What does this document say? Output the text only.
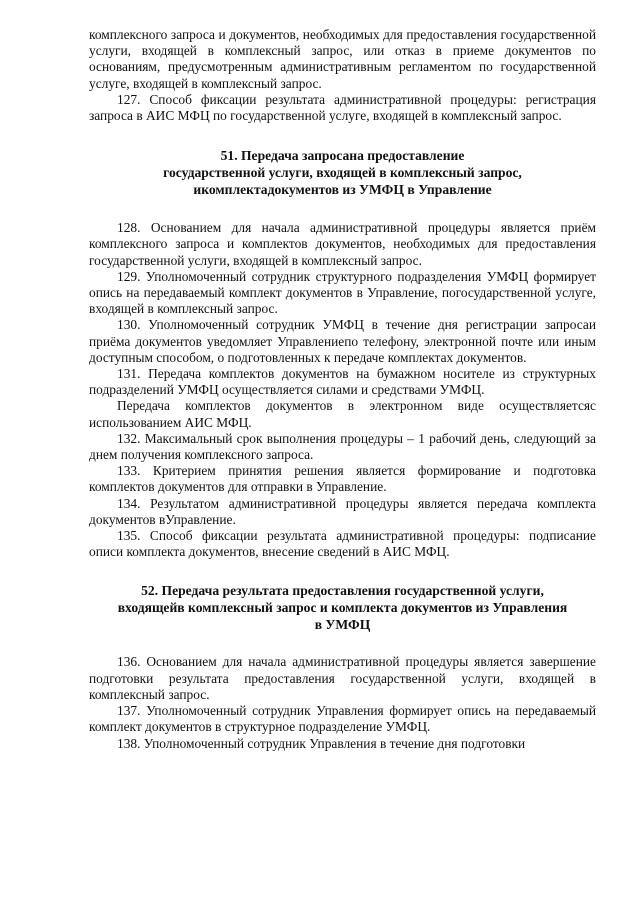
комплексного запроса и документов, необходимых для предоставления государственной услуги, входящей в комплексный запрос, или отказ в приеме документов по основаниям, предусмотренным административным регламентом по государственной услуге, входящей в комплексный запрос.

127. Способ фиксации результата административной процедуры: регистрация запроса в АИС МФЦ по государственной услуге, входящей в комплексный запрос.

51. Передача запросана предоставление
государственной услуги, входящей в комплексный запрос,
икомплектадокументов из УМФЦ в Управление

128. Основанием для начала административной процедуры является приём комплексного запроса и комплектов документов, необходимых для предоставления государственной услуги, входящей в комплексный запрос.

129. Уполномоченный сотрудник структурного подразделения УМФЦ формирует опись на передаваемый комплект документов в Управление, погосударственной услуге, входящей в комплексный запрос.

130. Уполномоченный сотрудник УМФЦ в течение дня регистрации запросаи приёма документов уведомляет Управлениепо телефону, электронной почте или иным доступным способом, о подготовленных к передаче комплектах документов.

131. Передача комплектов документов на бумажном носителе из структурных подразделений УМФЦ осуществляется силами и средствами УМФЦ.

Передача комплектов документов в электронном виде осуществляетсяс использованием АИС МФЦ.

132. Максимальный срок выполнения процедуры – 1 рабочий день, следующий за днем получения комплексного запроса.

133. Критерием принятия решения является формирование и подготовка комплектов документов для отправки в Управление.

134. Результатом административной процедуры является передача комплекта документов вУправление.

135. Способ фиксации результата административной процедуры: подписание описи комплекта документов, внесение сведений в АИС МФЦ.

52. Передача результата предоставления государственной услуги,
входящейв комплексный запрос и комплекта документов из Управления
в УМФЦ

136. Основанием для начала административной процедуры является завершение подготовки результата предоставления государственной услуги, входящей в комплексный запрос.

137. Уполномоченный сотрудник Управления формирует опись на передаваемый комплект документов в структурное подразделение УМФЦ.

138. Уполномоченный сотрудник Управления в течение дня подготовки
